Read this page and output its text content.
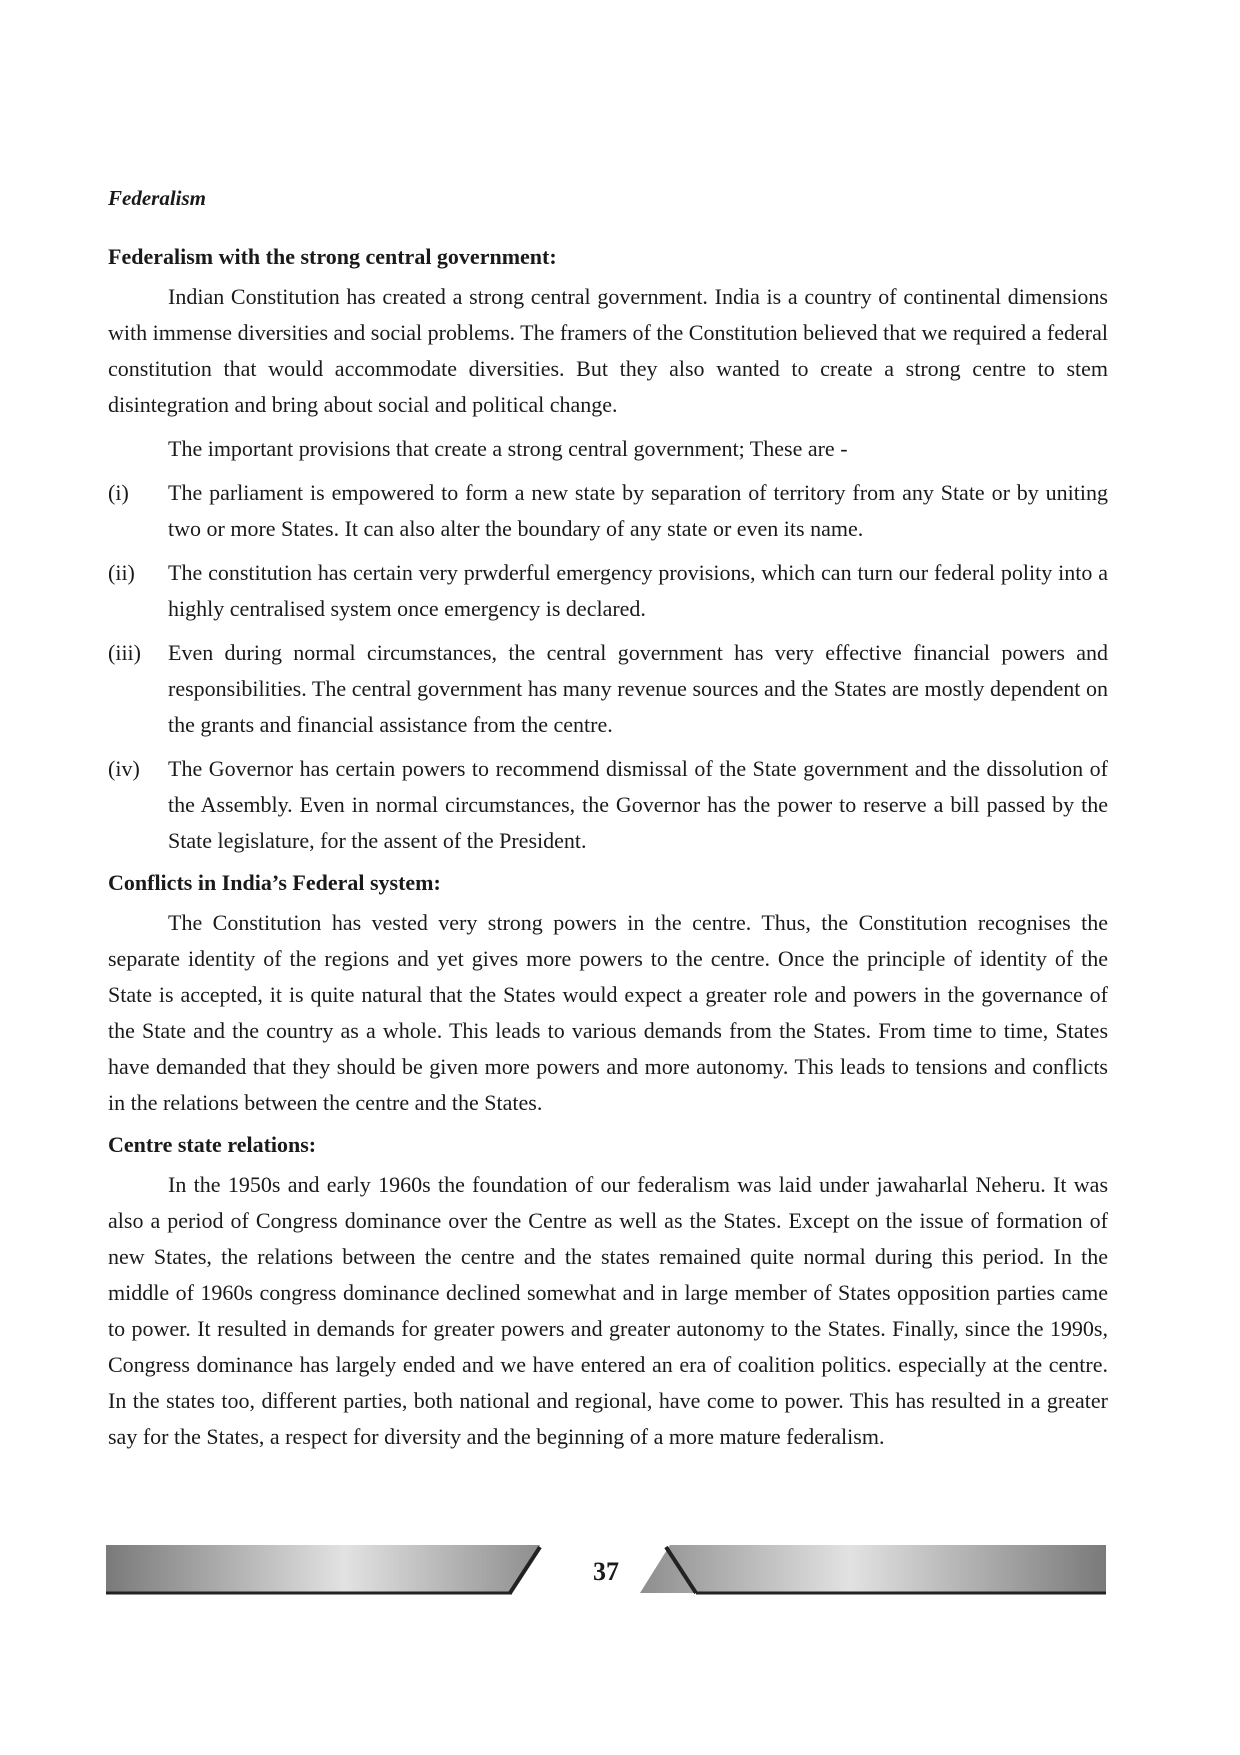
Federalism
Federalism with the strong central government:

Indian Constitution has created a strong central government. India is a country of continental dimensions with immense diversities and social problems. The framers of the Constitution believed that we required a federal constitution that would accommodate diversities. But they also wanted to create a strong centre to stem disintegration and bring about social and political change.

The important provisions that create a strong central government; These are -

(i) The parliament is empowered to form a new state by separation of territory from any State or by uniting two or more States. It can also alter the boundary of any state or even its name.
(ii) The constitution has certain very prwderful emergency provisions, which can turn our federal polity into a highly centralised system once emergency is declared.
(iii) Even during normal circumstances, the central government has very effective financial powers and responsibilities. The central government has many revenue sources and the States are mostly dependent on the grants and financial assistance from the centre.
(iv) The Governor has certain powers to recommend dismissal of the State government and the dissolution of the Assembly. Even in normal circumstances, the Governor has the power to reserve a bill passed by the State legislature, for the assent of the President.
Conflicts in India’s Federal system:

The Constitution has vested very strong powers in the centre. Thus, the Constitution recognises the separate identity of the regions and yet gives more powers to the centre. Once the principle of identity of the State is accepted, it is quite natural that the States would expect a greater role and powers in the governance of the State and the country as a whole. This leads to various demands from the States. From time to time, States have demanded that they should be given more powers and more autonomy. This leads to tensions and conflicts in the relations between the centre and the States.

Centre state relations:

In the 1950s and early 1960s the foundation of our federalism was laid under jawaharlal Neheru. It was also a period of Congress dominance over the Centre as well as the States. Except on the issue of formation of new States, the relations between the centre and the states remained quite normal during this period. In the middle of 1960s congress dominance declined somewhat and in large member of States opposition parties came to power. It resulted in demands for greater powers and greater autonomy to the States. Finally, since the 1990s, Congress dominance has largely ended and we have entered an era of coalition politics. especially at the centre. In the states too, different parties, both national and regional, have come to power. This has resulted in a greater say for the States, a respect for diversity and the beginning of a more mature federalism.

37
